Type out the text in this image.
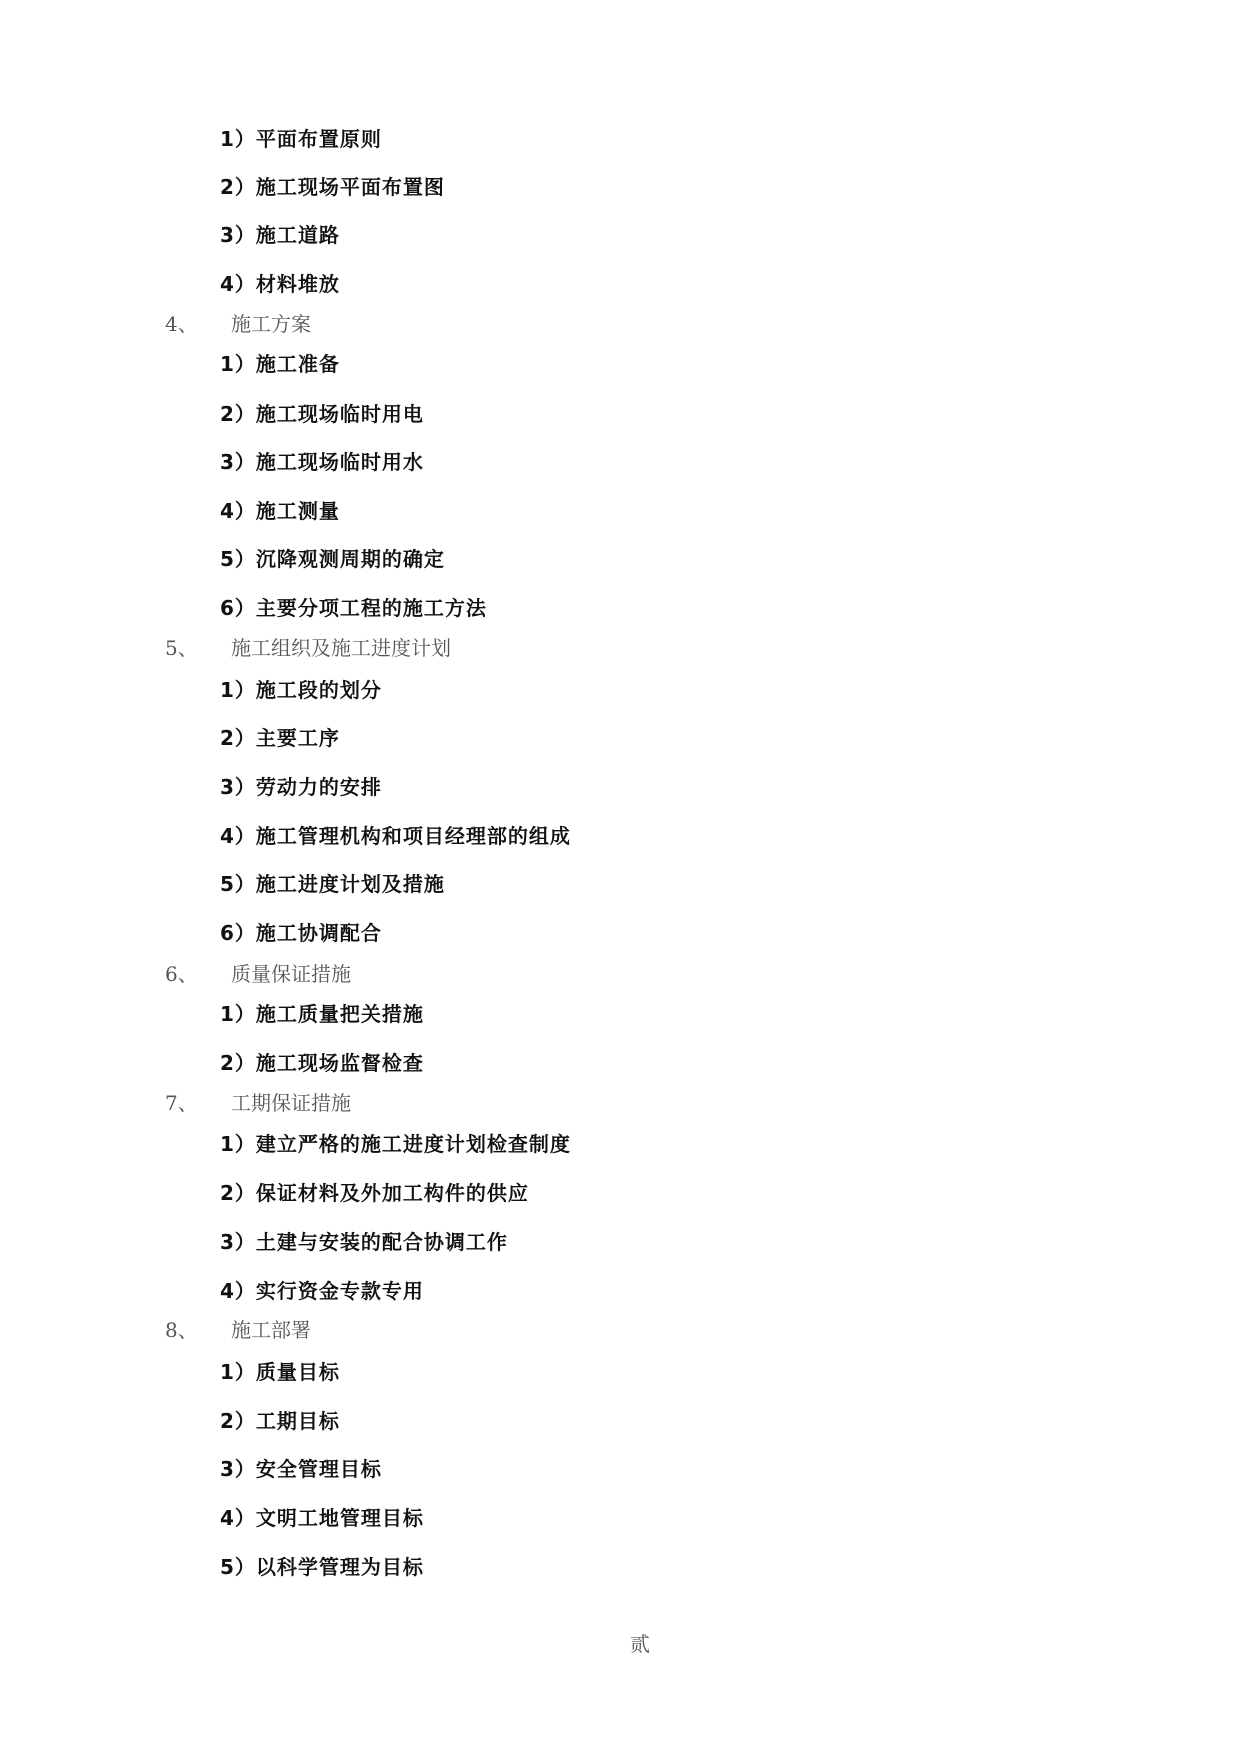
1）平面布置原则
2）施工现场平面布置图
3）施工道路
4）材料堆放
4、 施工方案
1）施工准备
2）施工现场临时用电
3）施工现场临时用水
4）施工测量
5）沉降观测周期的确定
6）主要分项工程的施工方法
5、 施工组织及施工进度计划
1）施工段的划分
2）主要工序
3）劳动力的安排
4）施工管理机构和项目经理部的组成
5）施工进度计划及措施
6）施工协调配合
6、 质量保证措施
1）施工质量把关措施
2）施工现场监督检查
7、 工期保证措施
1）建立严格的施工进度计划检查制度
2）保证材料及外加工构件的供应
3）土建与安装的配合协调工作
4）实行资金专款专用
8、 施工部署
1）质量目标
2）工期目标
3）安全管理目标
4）文明工地管理目标
5）以科学管理为目标
贰
